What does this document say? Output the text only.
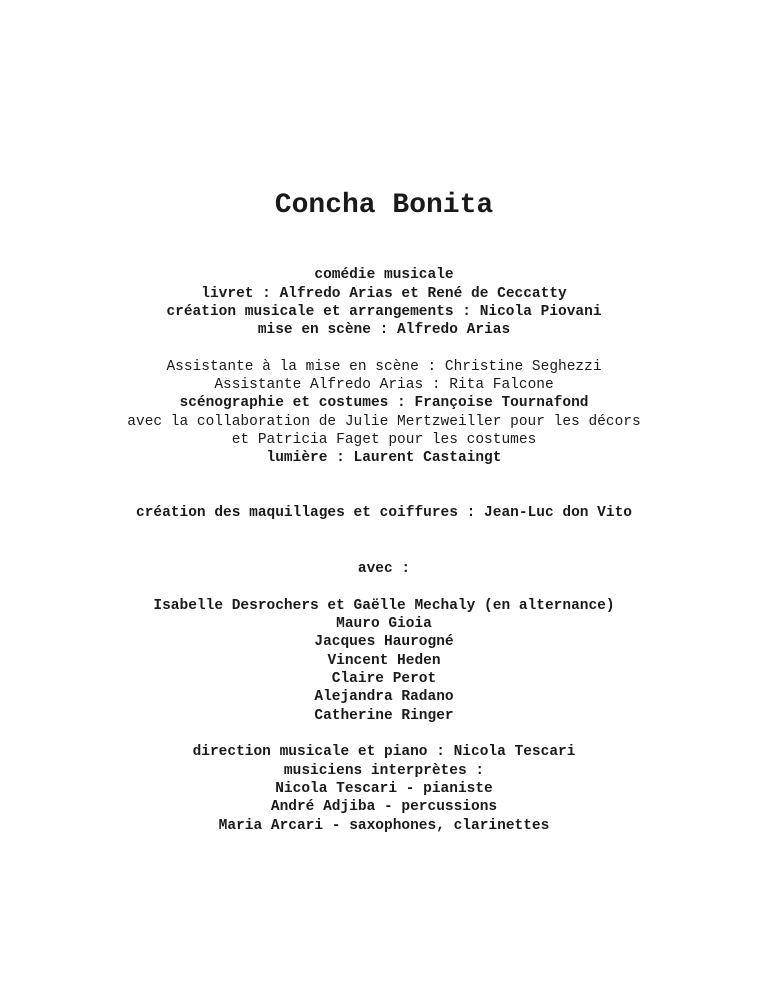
Concha Bonita
comédie musicale
livret : Alfredo Arias et René de Ceccatty
création musicale et arrangements : Nicola Piovani
mise en scène : Alfredo Arias
Assistante à la mise en scène : Christine Seghezzi
Assistante Alfredo Arias : Rita Falcone
scénographie et costumes : Françoise Tournafond
avec la collaboration de Julie Mertzweiller pour les décors
et Patricia Faget pour les costumes
lumière : Laurent Castaingt
création des maquillages et coiffures : Jean-Luc don Vito
avec :
Isabelle Desrochers et Gaëlle Mechaly (en alternance)
Mauro Gioia
Jacques Haurogné
Vincent Heden
Claire Perot
Alejandra Radano
Catherine Ringer
direction musicale et piano : Nicola Tescari
musiciens interprètes :
Nicola Tescari - pianiste
André Adjiba - percussions
Maria Arcari - saxophones, clarinettes
